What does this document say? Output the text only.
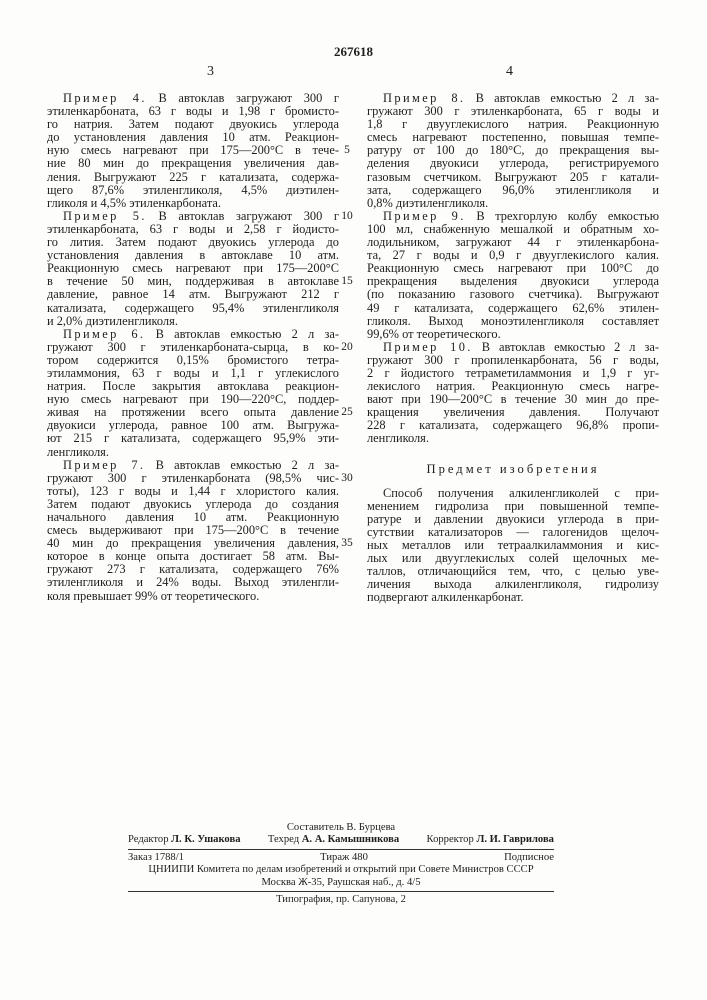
267618
3	4
Пример 4. В автоклав загружают 300 г
этиленкарбоната, 63 г воды и 1,98 г бромисто-
го натрия. Затем подают двуокись углерода
до установления давления 10 атм. Реакцион-
ную смесь нагревают при 175—200°С в тече-
ние 80 мин до прекращения увеличения дав-
ления. Выгружают 225 г катализата, содержа-
щего 87,6% этиленгликоля, 4,5% диэтилен-
гликоля и 4,5% этиленкарбоната.
Пример 5. В автоклав загружают 300 г
этиленкарбоната, 63 г воды и 2,58 г йодисто-
го лития. Затем подают двуокись углерода до
установления давления в автоклаве 10 атм.
Реакционную смесь нагревают при 175—200°С
в течение 50 мин, поддерживая в автоклаве
давление, равное 14 атм. Выгружают 212 г
катализата, содержащего 95,4% этиленгликоля
и 2,0% диэтиленгликоля.
Пример 6. В автоклав емкостью 2 л за-
гружают 300 г этиленкарбоната-сырца, в ко-
тором содержится 0,15% бромистого тетра-
этиламмония, 63 г воды и 1,1 г углекислого
натрия. После закрытия автоклава реакцион-
ную смесь нагревают при 190—220°С, поддер-
живая на протяжении всего опыта давление
двуокиси углерода, равное 100 атм. Выгружа-
ют 215 г катализата, содержащего 95,9% эти-
ленгликоля.
Пример 7. В автоклав емкостью 2 л за-
гружают 300 г этиленкарбоната (98,5% чис-
тоты), 123 г воды и 1,44 г хлористого калия.
Затем подают двуокись углерода до создания
начального давления 10 атм. Реакционную
смесь выдерживают при 175—200°С в течение
40 мин до прекращения увеличения давления,
которое в конце опыта достигает 58 атм. Вы-
гружают 273 г катализата, содержащего 76%
этиленгликоля и 24% воды. Выход этиленгли-
коля превышает 99% от теоретического.
Пример 8. В автоклав емкостью 2 л за-
гружают 300 г этиленкарбоната, 65 г воды и
1,8 г двууглекислого натрия. Реакционную
смесь нагревают постепенно, повышая темпе-
ратуру от 100 до 180°С, до прекращения вы-
деления двуокиси углерода, регистрируемого
газовым счетчиком. Выгружают 205 г катали-
зата, содержащего 96,0% этиленгликоля и
0,8% диэтиленгликоля.
Пример 9. В трехгорлую колбу емкостью
100 мл, снабженную мешалкой и обратным хо-
лодильником, загружают 44 г этиленкарбона-
та, 27 г воды и 0,9 г двууглекислого калия.
Реакционную смесь нагревают при 100°С до
прекращения выделения двуокиси углерода
(по показанию газового счетчика). Выгружают
49 г катализата, содержащего 62,6% этилен-
гликоля. Выход моноэтиленгликоля составляет
99,6% от теоретического.
Пример 10. В автоклав емкостью 2 л за-
гружают 300 г пропиленкарбоната, 56 г воды,
2 г йодистого тетраметиламмония и 1,9 г уг-
лекислого натрия. Реакционную смесь нагре-
вают при 190—200°С в течение 30 мин до пре-
кращения увеличения давления. Получают
228 г катализата, содержащего 96,8% пропи-
ленгликоля.
Предмет изобретения
Способ получения алкиленгликолей с при-
менением гидролиза при повышенной темпе-
ратуре и давлении двуокиси углерода в при-
сутствии катализаторов — галогенидов щелоч-
ных металлов или тетраалкиламмония и кис-
лых или двууглекислых солей щелочных ме-
таллов, отличающийся тем, что, с целью уве-
личения выхода алкиленгликоля, гидролизу
подвергают алкиленкарбонат.
5
10
15
20
25
30
35
Составитель В. Бурцева
Редактор Л. К. Ушакова	Техред А. А. Камышникова	Корректор Л. И. Гаврилова
Заказ 1788/1	Тираж 480	Подписное
ЦНИИПИ Комитета по делам изобретений и открытий при Совете Министров СССР
Москва Ж-35, Раушская наб., д. 4/5
Типография, пр. Сапунова, 2
